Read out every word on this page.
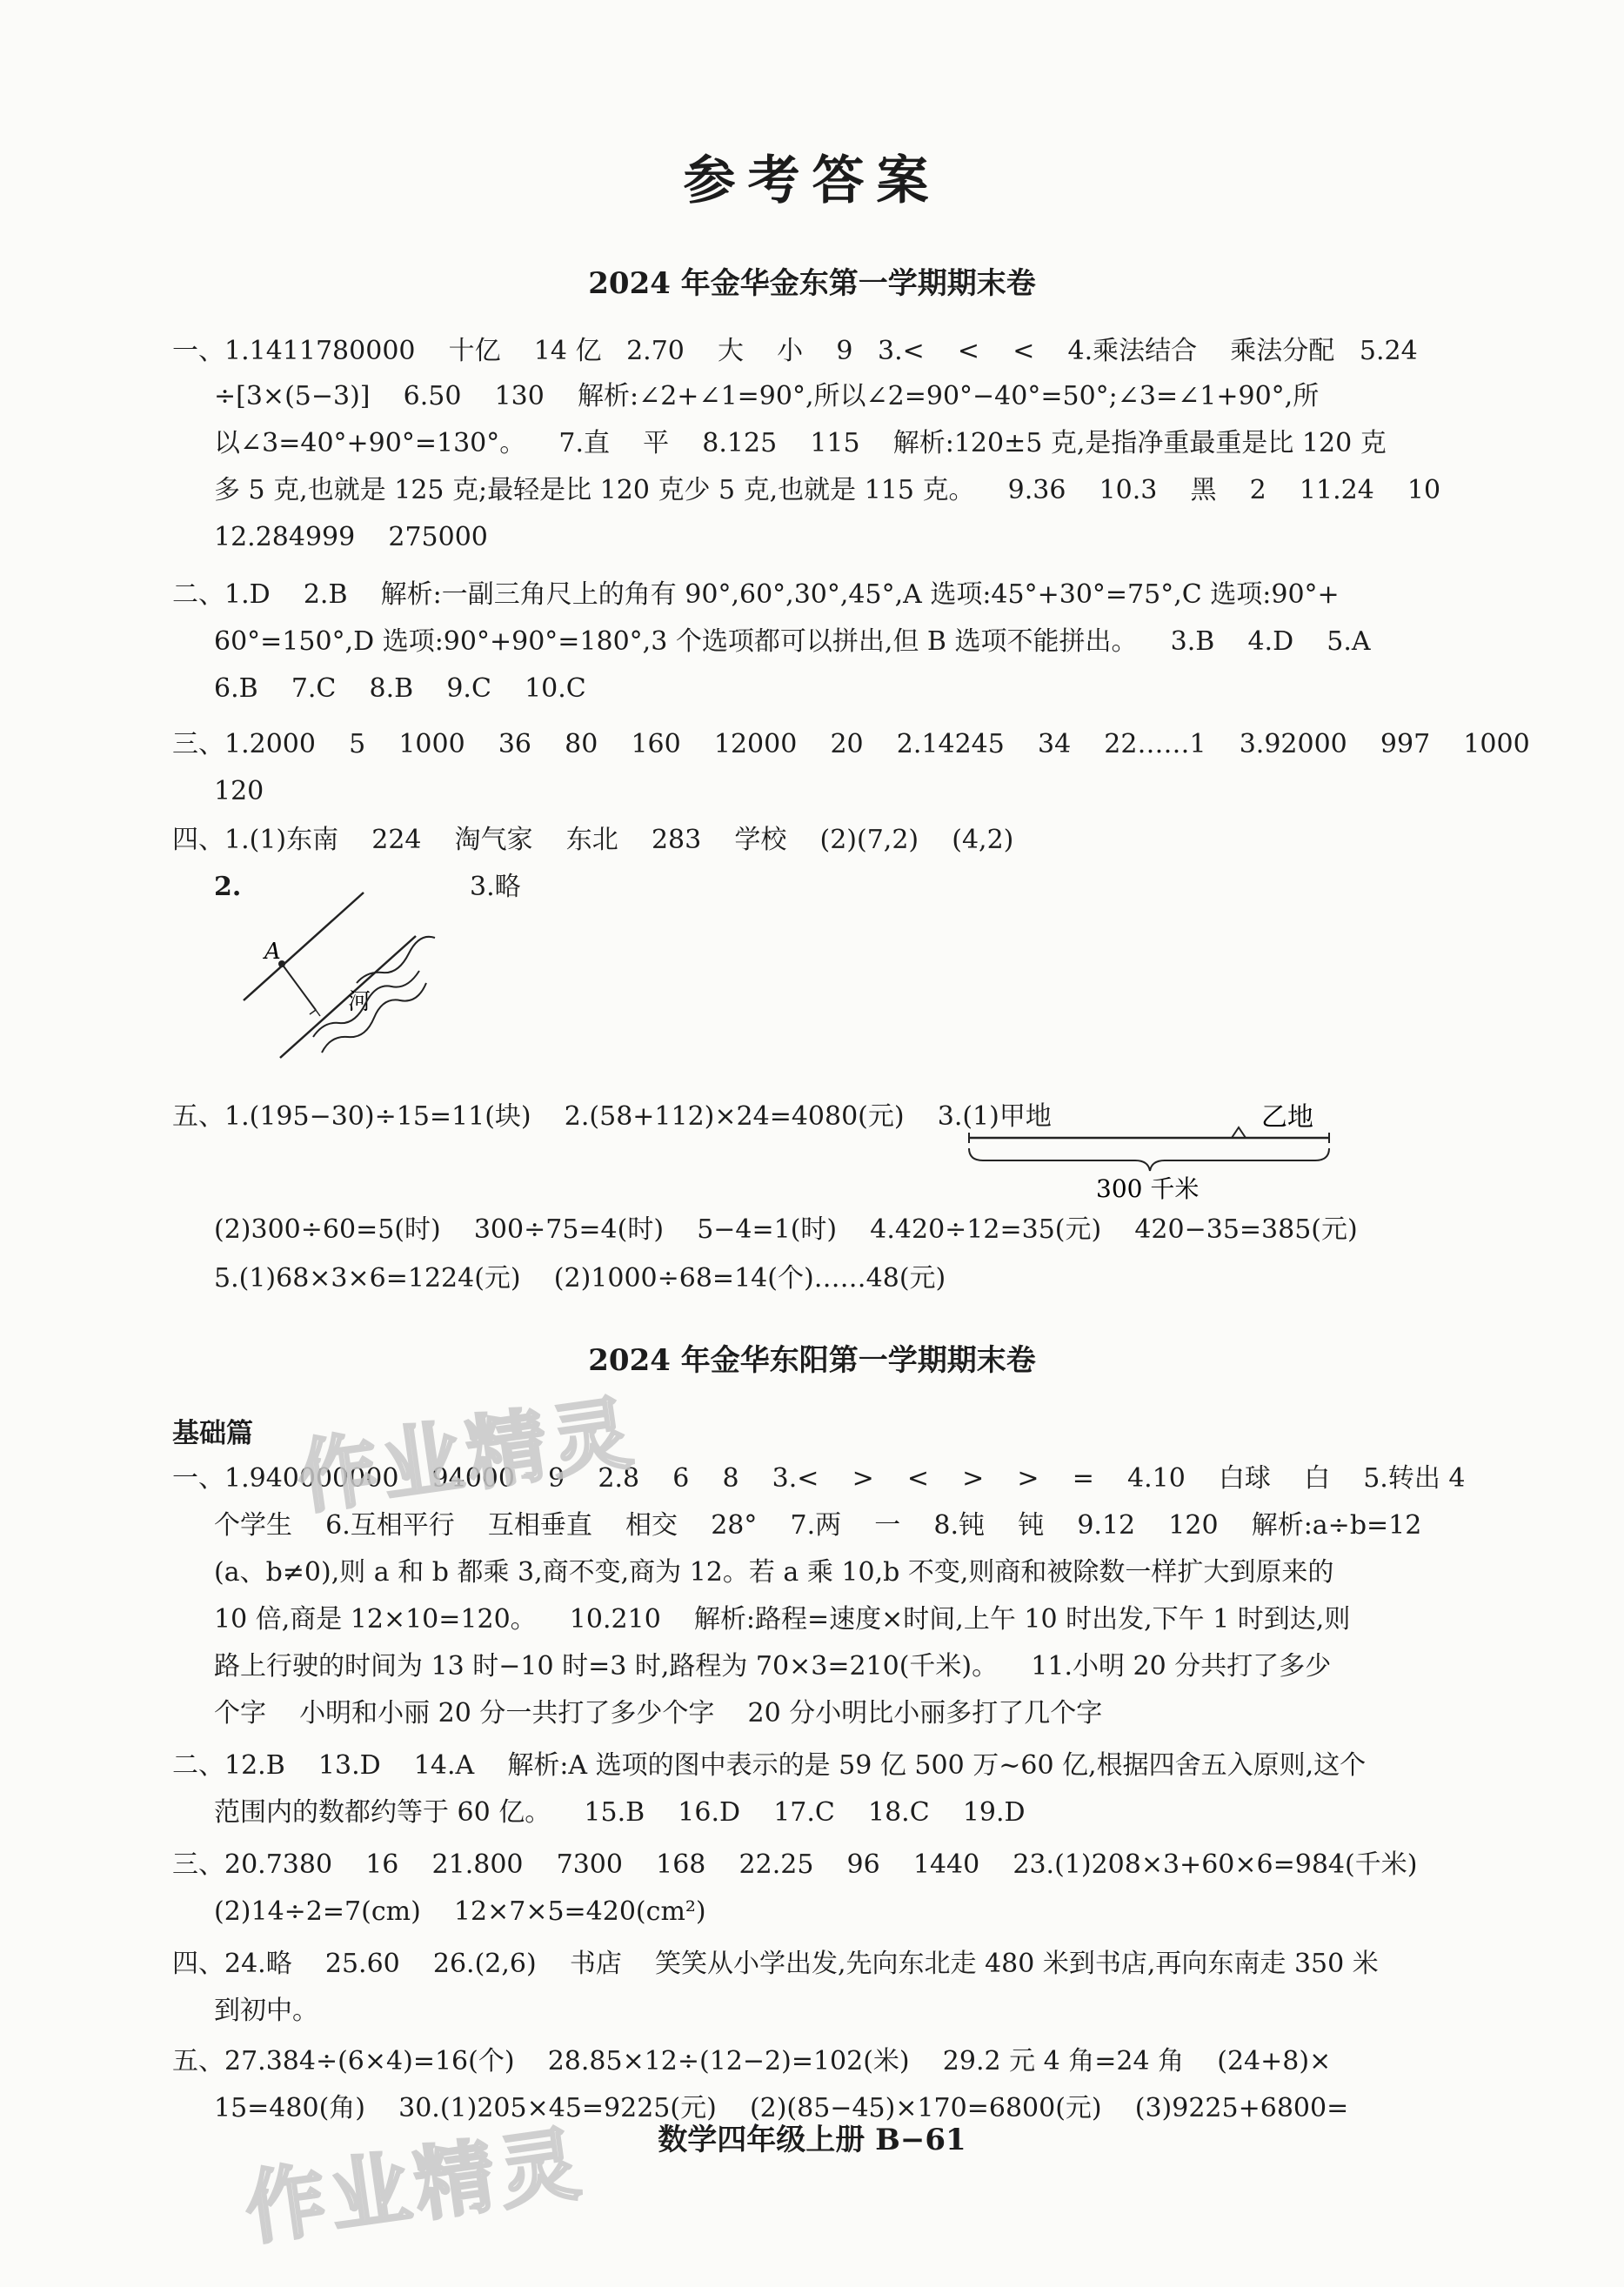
参考答案
2024 年金华金东第一学期期末卷
一、1.1411780000    十亿    14 亿   2.70    大    小    9   3.<    <    <    4.乘法结合    乘法分配   5.24
÷[3×(5−3)]    6.50    130    解析:∠2+∠1=90°,所以∠2=90°−40°=50°;∠3=∠1+90°,所
以∠3=40°+90°=130°。    7.直    平    8.125    115    解析:120±5 克,是指净重最重是比 120 克
多 5 克,也就是 125 克;最轻是比 120 克少 5 克,也就是 115 克。    9.36    10.3    黑    2    11.24    10
12.284999    275000
二、1.D    2.B    解析:一副三角尺上的角有 90°,60°,30°,45°,A 选项:45°+30°=75°,C 选项:90°+
60°=150°,D 选项:90°+90°=180°,3 个选项都可以拼出,但 B 选项不能拼出。    3.B    4.D    5.A
6.B    7.C    8.B    9.C    10.C
三、1.2000    5    1000    36    80    160    12000    20    2.14245    34    22……1    3.92000    997    1000
120
四、1.(1)东南    224    淘气家    东北    283    学校    (2)(7,2)    (4,2)
2.	3.略
A
河
五、1.(195−30)÷15=11(块)    2.(58+112)×24=4080(元)    3.(1)甲地	乙地
300 千米
(2)300÷60=5(时)    300÷75=4(时)    5−4=1(时)    4.420÷12=35(元)    420−35=385(元)
5.(1)68×3×6=1224(元)    (2)1000÷68=14(个)……48(元)
2024 年金华东阳第一学期期末卷
基础篇
一、1.940000000    94000    9    2.8    6    8    3.<    >    <    >    >    =    4.10    白球    白    5.转出 4
个学生    6.互相平行    互相垂直    相交    28°    7.两    一    8.钝    钝    9.12    120    解析:a÷b=12
(a、b≠0),则 a 和 b 都乘 3,商不变,商为 12。若 a 乘 10,b 不变,则商和被除数一样扩大到原来的
10 倍,商是 12×10=120。    10.210    解析:路程=速度×时间,上午 10 时出发,下午 1 时到达,则
路上行驶的时间为 13 时−10 时=3 时,路程为 70×3=210(千米)。    11.小明 20 分共打了多少
个字    小明和小丽 20 分一共打了多少个字    20 分小明比小丽多打了几个字
二、12.B    13.D    14.A    解析:A 选项的图中表示的是 59 亿 500 万~60 亿,根据四舍五入原则,这个
范围内的数都约等于 60 亿。    15.B    16.D    17.C    18.C    19.D
三、20.7380    16    21.800    7300    168    22.25    96    1440    23.(1)208×3+60×6=984(千米)
(2)14÷2=7(cm)    12×7×5=420(cm²)
四、24.略    25.60    26.(2,6)    书店    笑笑从小学出发,先向东北走 480 米到书店,再向东南走 350 米
到初中。
五、27.384÷(6×4)=16(个)    28.85×12÷(12−2)=102(米)    29.2 元 4 角=24 角    (24+8)×
15=480(角)    30.(1)205×45=9225(元)    (2)(85−45)×170=6800(元)    (3)9225+6800=
作业精灵
作业精灵	数学四年级上册 B−61
